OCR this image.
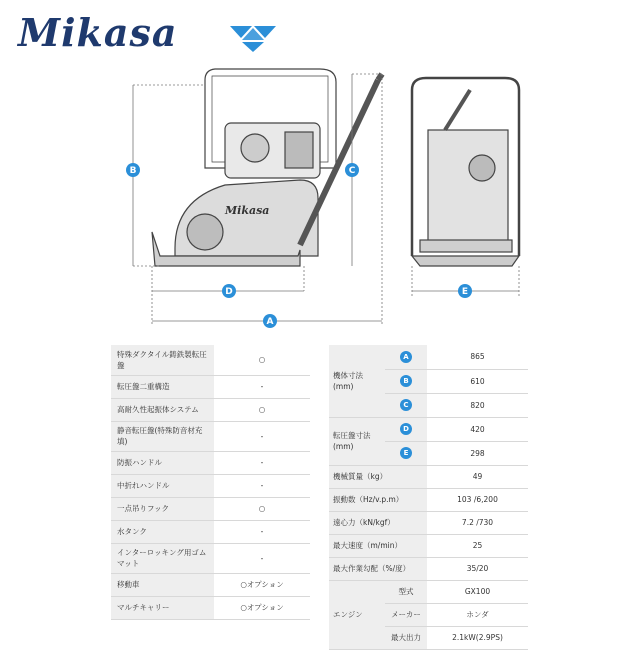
Mikasa
Mikasa
B	C
D
A
E
特殊ダクタイル鋳鉄製転圧盤	○
転圧盤二重構造	-
高耐久性起振体システム	○
静音転圧盤(特殊防音材充填)	-
防振ハンドル	-
中折れハンドル	-
一点吊りフック	○
水タンク	-
インターロッキング用ゴムマット	-
移動車	○オプション
マルチキャリー	○オプション
機体寸法(mm)	A	865
	B	610
	C	820
転圧盤寸法(mm)	D	420
	E	298
機械質量（kg）		49
振動数（Hz/v.p.m）		103 /6,200
遠心力（kN/kgf）		7.2 /730
最大速度（m/min）		25
最大作業勾配（%/度）		35/20
エンジン	型式	GX100
	メーカー	ホンダ
	最大出力	2.1kW(2.9PS)
